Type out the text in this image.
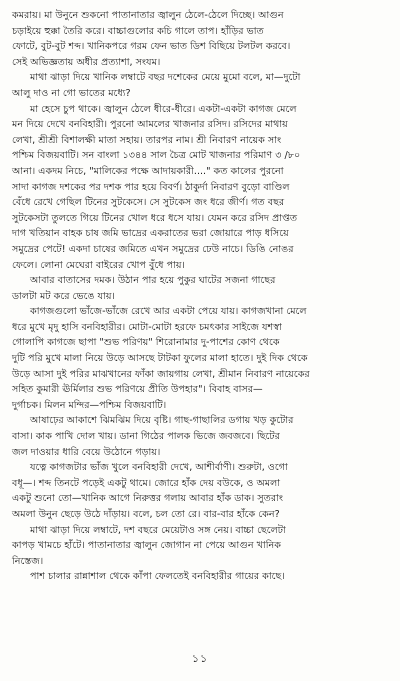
কমরায়। মা উনুনে শুকনো পাতানাতার জ্বালুন ঠেলে-ঠেলে দিচ্ছে। আগুন
চড়াইয়ে হুক্কা তৈরি করে। বাচ্চাগুলোর কচি গালে তাপ। হাঁড়ির ভাত
ফোটে, বুট-বুট শব্দ। খানিকপরে গরম ফেন ভাত ডিশ বিছিয়ে টলটল করবে।
সেই অভিজ্ঞতায় অধীর প্রত্যাশা, সংযম।

মাথা ঝাড়া দিয়ে খানিক লম্বাটে বছর দশেকের মেয়ে মুমো বলে, মা—দুটো
আলু দাও না গো ভাতের মধ্যে?

মা হেসে চুপ থাকে। জ্বালুন ঠেলে ধীরে-ধীরে। একটা-একটা কাগজ মেলে
মন দিয়ে দেখে বনবিহারী। পুরনো আমলের খাজনার রসিদ। রসিদের মাথায়
লেখা, শ্রীশ্রী বিশালক্ষী মাতা সহায়। তারপর নাম। শ্রী নিবারণ নায়েক সাং
পশ্চিম বিজয়বাটি। সন বাংলা ১৩৪৪ সাল চৈত্র মোট খাজনার পরিমাণ ৩ /৮০
আনা। একদম নিচে, "মালিকের পক্ষে আদায়কারী...." কত কালের পুরনো
সাদা কাগজ দশকের পর দশক পার হয়ে বিবর্ণ। ঠাকুর্দা নিবারণ বুড়ো বাণ্ডিল
বেঁধে রেখে গেছিল টিনের সুটকেসে। সে সুটকেস জং ধরে জীর্ণ। গত বছর
সুটকেসটা তুলতে গিয়ে টিনের খোল ধরে ধসে যায়। যেমন করে রসিদ প্রাপ্তত
দাগ খতিয়ান বাহক চাষ জমি ভাদ্রের একরাতের ভরা জোয়ারে পাড় ধসিয়ে
সমুদ্রের পেটে! একদা চাষের জমিতে এখন সমুদ্রের ঢেউ নাচে। ডিঙি নোঙর
ফেলে। লোনা মেঘেরা বাইরের খোপ বুঁধে পায়।

আবার বাতাসের দমক। উঠান পার হয়ে পুকুর ঘাটের সজনা গাছের
ডালটা মট করে ভেঙে যায়।

কাগজগুলো ভাঁজে-ভাঁজে রেখে আর একটা পেয়ে যায়। কাগজখানা মেলে
ধরে মুখে মৃদু হাসি বনবিহারীর। মোটা-মোটা হরফে চমৎকার সাইজে যশস্বা
গোলাপি কাগজে ছাপা "শুভ পরিণয়" শিরোনামার দু-পাশের কোণ থেকে
দুটি পরি মুখে মালা নিয়ে উড়ে আসছে টাটকা ফুলের মালা হাতে। দুই দিক থেকে
উড়ে আসা দুই পরির মাঝখানের ফাঁকা জায়গায় লেখা, শ্রীমান নিবারণ নায়েকের
সহিত কুমারী ঊর্মিলার শুভ পরিণয়ে প্রীতি উপহার"। বিবাহ বাসর—
দুর্গাচক। মিলন মন্দির—পশ্চিম বিজয়বাটি।

আষাঢ়ের আকাশে ঝিমঝিম দিয়ে বৃষ্টি। গাছ-গাছালির ডগায় খড় কুটোর
বাসা। কাক পাখি দোল খায়। ডানা গিঠের পালক ভিজে জবজবে। ছিটের
জল দাওয়ার ধারি বেয়ে উঠোনে গড়ায়।

যত্নে কাগজটার ভাঁজ খুলে বনবিহারী দেখে, আশীর্বাণী। শুরুটা, ওগো
বধূ—। শব্দ তিনটে পড়েই একটু থামে। জোরে হাঁক দেয় বউকে, ও অমলা
একটু শুনো তো—খানিক আগে নিরুত্তর গলায় আবার হাঁক ডাক। সুতরাং
অমলা উনুন ছেড়ে উঠে দাঁড়ায়। বলে, চল তো রে। বার-বার হাঁকে কেন?

মাথা ঝাড়া দিয়ে লম্বাটে, দশ বছরে মেয়েটাও সঙ্গ নেয়। বাচ্চা ছেলেটা
কাপড় খামচে হাঁটে। পাতানাতার জ্বালুন জোগান না পেয়ে আগুন খানিক
নিস্তেজ।

পাশ চালার রান্নাশাল থেকে কাঁপা ফেলতেই বনবিহারীর গায়ের কাছে।

১১
